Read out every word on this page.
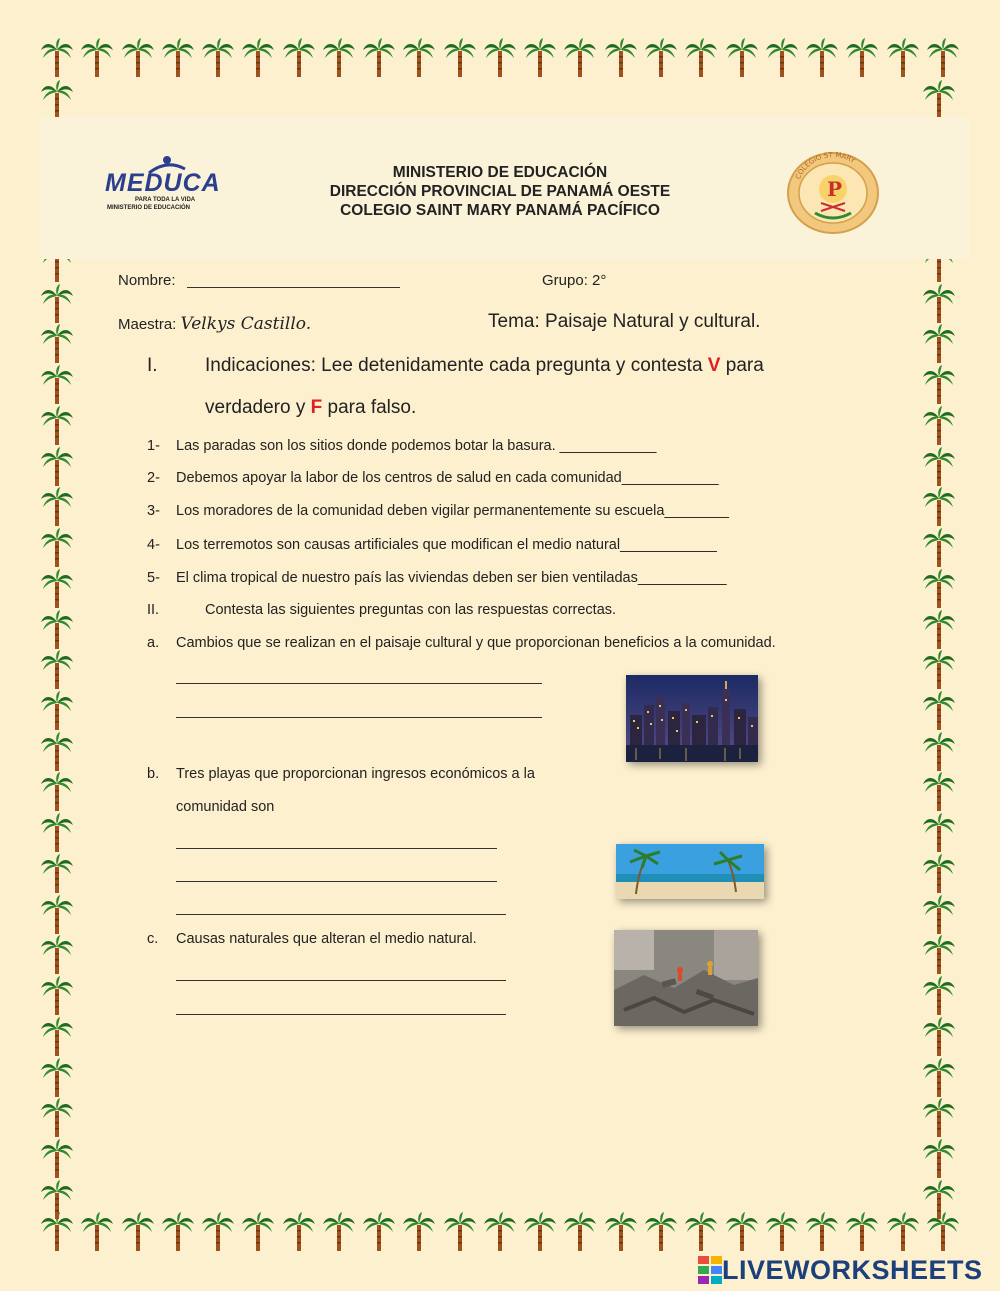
MEDUCA
PARA TODA LA VIDA
MINISTERIO DE EDUCACIÓN
MINISTERIO DE EDUCACIÓN
DIRECCIÓN PROVINCIAL DE PANAMÁ OESTE
COLEGIO SAINT MARY PANAMÁ PACÍFICO
P
COLEGIO ST MARY
Nombre:	Grupo: 2°
Maestra: Velkys Castillo.	Tema: Paisaje Natural y cultural.
I. Indicaciones: Lee detenidamente cada pregunta y contesta V para
verdadero y F para falso.
1- Las paradas son los sitios donde podemos botar la basura. ____________
2- Debemos apoyar la labor de los centros de salud en cada comunidad____________
3- Los moradores de la comunidad deben vigilar permanentemente su escuela________
4- Los terremotos son causas artificiales que modifican el medio natural____________
5- El clima tropical de nuestro país las viviendas deben ser bien ventiladas___________
II.	Contesta las siguientes preguntas con las respuestas correctas.
a. Cambios que se realizan en el paisaje cultural y que proporcionan beneficios a la comunidad.
b. Tres playas que proporcionan ingresos económicos a la
comunidad son
c. Causas naturales que alteran el medio natural.
LIVEWORKSHEETS
